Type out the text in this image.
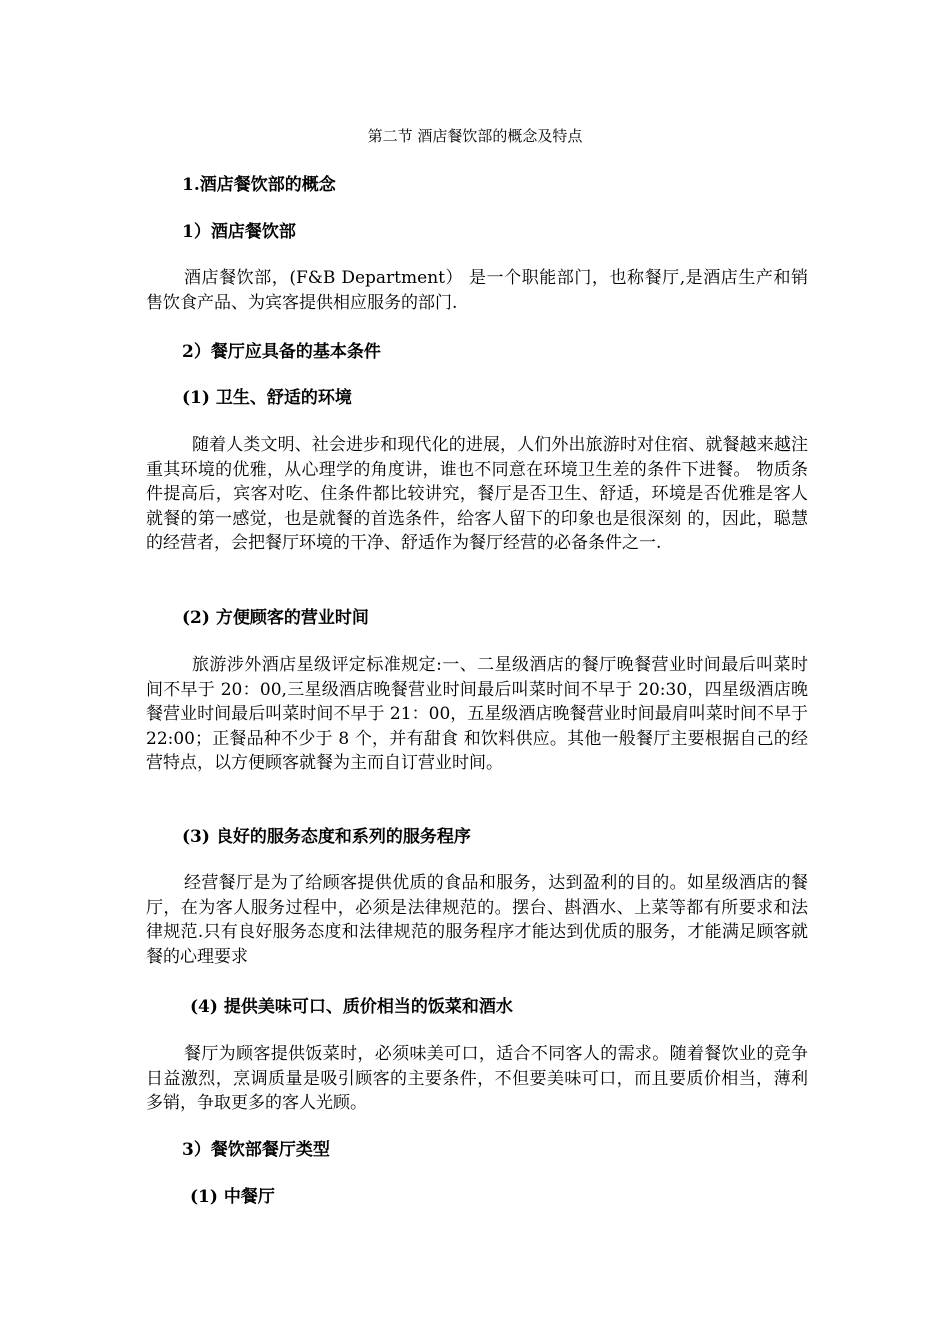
第二节 酒店餐饮部的概念及特点
1.酒店餐饮部的概念
1）酒店餐饮部

酒店餐饮部，(F&B Department） 是一个职能部门，也称餐厅,是酒店生产和销售饮食产品、为宾客提供相应服务的部门.

2）餐厅应具备的基本条件
(1) 卫生、舒适的环境

随着人类文明、社会进步和现代化的进展，人们外出旅游时对住宿、就餐越来越注重其环境的优雅，从心理学的角度讲，谁也不同意在环境卫生差的条件下进餐。 物质条件提高后，宾客对吃、住条件都比较讲究，餐厅是否卫生、舒适，环境是否优雅是客人就餐的第一感觉，也是就餐的首选条件，给客人留下的印象也是很深刻 的，因此，聪慧的经营者，会把餐厅环境的干净、舒适作为餐厅经营的必备条件之一.

(2) 方便顾客的营业时间

旅游涉外酒店星级评定标准规定:一、二星级酒店的餐厅晚餐营业时间最后叫菜时间不早于 20：00,三星级酒店晚餐营业时间最后叫菜时间不早于 20:30，四星级酒店晚餐营业时间最后叫菜时间不早于 21：00，五星级酒店晚餐营业时间最肩叫菜时间不早于 22:00；正餐品种不少于 8 个，并有甜食 和饮料供应。其他一般餐厅主要根据自己的经营特点，以方便顾客就餐为主而自订营业时间。

(3) 良好的服务态度和系列的服务程序

经营餐厅是为了给顾客提供优质的食品和服务，达到盈利的目的。如星级酒店的餐厅，在为客人服务过程中，必须是法律规范的。摆台、斟酒水、上菜等都有所要求和法律规范.只有良好服务态度和法律规范的服务程序才能达到优质的服务，才能满足顾客就餐的心理要求

(4) 提供美味可口、质价相当的饭菜和酒水

餐厅为顾客提供饭菜时，必须味美可口，适合不同客人的需求。随着餐饮业的竞争日益激烈，烹调质量是吸引顾客的主要条件，不但要美味可口，而且要质价相当，薄利多销，争取更多的客人光顾。

3）餐饮部餐厅类型
(1) 中餐厅
